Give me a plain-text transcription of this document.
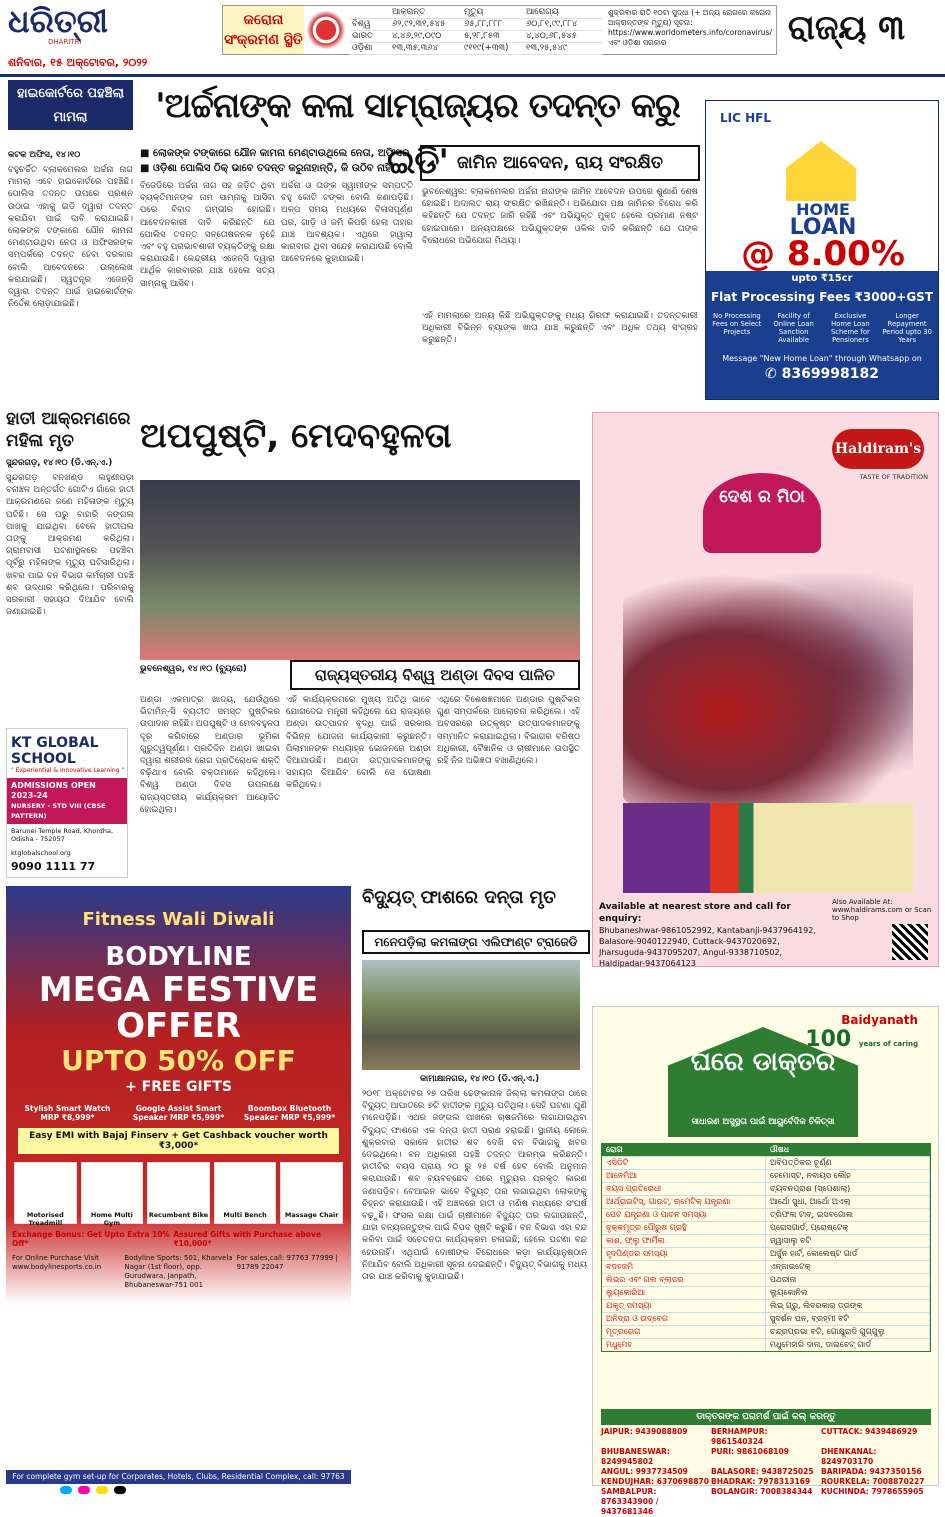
ଧରିତ୍ରୀ
DHARITRI
ଶନିବାର, ୧୫ ଅକ୍ଟୋବର, ୨୦୨୨
କରୋନା ସଂକ୍ରମଣ ସ୍ଥିତି
ଆକ୍ରାନ୍ତ	ମୃତ୍ୟୁ	ଆରୋଗ୍ୟ
ବିଶ୍ୱ	୬୨,୯୨,୩୧,୫୪୫	୬୫,୮୮,୮୮୮	୬୦,୮୧,୯୯,୮୮୪
ଭାରତ	୪,୪୬,୨୯,୦୯୦	୫,୨୮,୮୫୩	୪,୪୦,୬୮,୫୪୫
ଓଡ଼ିଶା	୧୩,୩୫,୩୬୪	୯୧୧୯(+୩୩)	୧୩,୨୫,୫୪୯
ଶୁକ୍ରବାର ରାତି ୧୦ଟା ସୁଦ୍ଧା (+ ଅନ୍ୟ ରୋଗରେ କରୋନା ଆକ୍ରାନ୍ତଙ୍କ ମୃତ୍ୟୁ) ସୂଚନା: https://www.worldometers.info/coronavirus/ ଏବଂ ଓଡ଼ିଶା ସରକାର	ରାଜ୍ୟ ୩
ହାଇକୋର୍ଟରେ ପହଞ୍ଚିଲା ମାମଲା	'ଅର୍ଚ୍ଚନାଙ୍କ କଳା ସାମ୍ରାଜ୍ୟର ତଦନ୍ତ କରୁ ଇଡି'
■ ଲୋକଙ୍କ ଟଙ୍କାରେ ଯୌନ କାମନା ମେଣ୍ଟାଉଥିଲେ ନେତା, ଅଫିସର
■ ଓଡ଼ିଶା ପୋଲିସ ଠିକ୍ ଭାବେ ତଦନ୍ତ କରୁନାହାନ୍ତି, କି ଉଠିବ ନାହିଁ
କଟକ ଅଫିସ, ୧୪।୧୦
ବହୁଚର୍ଚ୍ଚିତ ବ୍ଲାକମେଲର ଅର୍ଚ୍ଚନା ନାଗ ମାମଲା ଏବେ ହାଇକୋର୍ଟରେ ପହଞ୍ଚିଛି। ପୋଲିସ ତଦନ୍ତ ଉପରେ ପ୍ରଶ୍ନ ଉଠାଇ ଏହାକୁ ଇଡି ଦ୍ୱାରା ତଦନ୍ତ କରାଯିବା ପାଇଁ ଦାବି କରାଯାଇଛି। ଲୋକଙ୍କ ଟଙ୍କାରେ ଯୌନ କାମନା ମେଣ୍ଟାଉଥିବା ନେତା ଓ ଅଫିସରଙ୍କ ସମ୍ପର୍କରେ ତଦନ୍ତ ହେବା ଦରକାର ବୋଲି ଆବେଦନରେ ଉଲ୍ଲେଖ କରାଯାଇଛି। ସ୍ୱତନ୍ତ୍ର ଏଜେନ୍ସି ଦ୍ୱାରା ତଦନ୍ତ ପାଇଁ ହାଇକୋର୍ଟଙ୍କ ନିର୍ଦ୍ଦେଶ ଲୋଡ଼ାଯାଇଛି।
ବିଜେଡିରେ ଅର୍ଚ୍ଚନା ନାଗ ସହ ଜଡ଼ିତ ଥିବା ବ୍ୟକ୍ତିମାନଙ୍କ ନାମ ସାମ୍ନାକୁ ଆସିବା ପରେ ବିବାଦ ଗମ୍ଭୀର ହୋଇଛି। ଆବେଦନକାରୀ ଦାବି କରିଛନ୍ତି ଯେ ପୋଲିସ ତଦନ୍ତ ସନ୍ତୋଷଜନକ ନୁହେଁ ଏବଂ ବହୁ ପ୍ରଭାବଶାଳୀ ବ୍ୟକ୍ତିଙ୍କୁ ରକ୍ଷା କରାଯାଉଛି। କେନ୍ଦ୍ରୀୟ ଏଜେନ୍ସି ଦ୍ୱାରା ଆର୍ଥିକ କାରବାରର ଯାଞ୍ଚ ହେଲେ ସତ୍ୟ ସାମ୍ନାକୁ ଆସିବ।
ଅର୍ଚ୍ଚନା ଓ ତାଙ୍କ ସ୍ୱାମୀଙ୍କ ସମ୍ପତ୍ତି ବହୁ କୋଟି ଟଙ୍କା ବୋଲି ଜଣାପଡ଼ିଛି। ଅଳ୍ପ ସମୟ ମଧ୍ୟରେ ବିଳାସପୂର୍ଣ୍ଣ ଘର, ଗାଡ଼ି ଓ ଜମି କିପରି ହେଲା ତାହାର ଯାଞ୍ଚ ଆବଶ୍ୟକ। ଏଥିରେ ହାୱାଲା କାରବାର ଥିବା ସନ୍ଦେହ କରାଯାଉଛି ବୋଲି ଆବେଦନରେ କୁହାଯାଇଛି।
ଜାମିନ ଆବେଦନ, ରାୟ ସଂରକ୍ଷିତ
ଭୁବନେଶ୍ୱର: ବ୍ଲାକମେଲର ଅର୍ଚ୍ଚନା ନାଗଙ୍କ ଜାମିନ ଆବେଦନ ଉପରେ ଶୁଣାଣି ଶେଷ ହୋଇଛି। ଅଦାଲତ ରାୟ ସଂରକ୍ଷିତ ରଖିଛନ୍ତି। ଅଭିଯୋଗ ପକ୍ଷ ଜାମିନର ବିରୋଧ କରି କହିଛନ୍ତି ଯେ ତଦନ୍ତ ଜାରି ରହିଛି ଏବଂ ଅଭିଯୁକ୍ତ ମୁକ୍ତ ହେଲେ ପ୍ରମାଣ ନଷ୍ଟ ହୋଇପାରେ। ଅନ୍ୟପକ୍ଷରେ ଅଭିଯୁକ୍ତଙ୍କ ଓକିଲ ଦାବି କରିଛନ୍ତି ଯେ ତାଙ୍କ ବିରୋଧରେ ଅଭିଯୋଗ ମିଥ୍ୟା।
ଏହି ମାମଲାରେ ଅନ୍ୟ କିଛି ଅଭିଯୁକ୍ତଙ୍କୁ ମଧ୍ୟ ଗିରଫ କରାଯାଇଛି। ତଦନ୍ତକାରୀ ଅଧିକାରୀ ବିଭିନ୍ନ ବ୍ୟାଙ୍କ ଖାତା ଯାଞ୍ଚ କରୁଛନ୍ତି ଏବଂ ଅଧିକ ତଥ୍ୟ ସଂଗ୍ରହ କରୁଛନ୍ତି।
LIC HFL
HOME
LOAN
@ 8.00%
upto ₹15cr
Flat Processing Fees ₹3000+GST
No Processing Fees on Select Projects
Facility of Online Loan Sanction Available
Exclusive Home Loan Scheme for Pensioners
Longer Repayment Period upto 30 Years
Message "New Home Loan" through Whatsapp on
✆ 8369998182
ହାତୀ ଆକ୍ରମଣରେ ମହିଳା ମୃତ
ସୁନ୍ଦରଗଡ଼, ୧୪।୧୦ (ଡି.ଏନ୍.ଏ.)
ସୁନ୍ଦରଗଡ଼ ବନଖଣ୍ଡ ଲହୁଣୀପଡ଼ା ବନାଞ୍ଚଳ ଅନ୍ତର୍ଗତ ଗୋଟିଏ ଗାଁରେ ହାତୀ ଆକ୍ରମଣରେ ଜଣେ ମହିଳାଙ୍କ ମୃତ୍ୟୁ ଘଟିଛି। ସେ ଘରୁ ବାହାରି ଜଙ୍ଗଲ ପାଖକୁ ଯାଇଥିବା ବେଳେ ହାତୀପଲ ତାଙ୍କୁ ଆକ୍ରମଣ କରିଥିଲା। ଗ୍ରାମବାସୀ ଘଟଣାସ୍ଥଳରେ ପହଞ୍ଚିବା ପୂର୍ବରୁ ମହିଳାଙ୍କ ମୃତ୍ୟୁ ଘଟିସାରିଥିଲା। ଖବର ପାଇ ବନ ବିଭାଗ କର୍ମଚାରୀ ପହଞ୍ଚି ଶବ ଉଦ୍ଧାର କରିଥିଲେ। ପରିବାରକୁ ସରକାରୀ ସହାୟତା ଦିଆଯିବ ବୋଲି ଜଣାଯାଇଛି।
KT GLOBAL SCHOOL
" Experiential & Innovative Learning "
ADMISSIONS OPEN 2023-24
NURSERY - STD VIII (CBSE PATTERN)
Barunei Temple Road, Khordha, Odisha - 752057
ktglobalschool.org
9090 1111 77
ଅପପୁଷ୍ଟି, ମେଦବହୁଳତା
ଭୁବନେଶ୍ୱର, ୧୪।୧୦ (ବ୍ୟୁରୋ)	ରାଜ୍ୟସ୍ତରୀୟ ବିଶ୍ୱ ଅଣ୍ଡା ଦିବସ ପାଳିତ
ଅଣ୍ଡା ଏକମାତ୍ର ଖାଦ୍ୟ, ଯେଉଁଥିରେ ଭିଟାମିନ୍-ସି ବ୍ୟତୀତ ସମସ୍ତ ପୁଷ୍ଟିକର ଉପାଦାନ ରହିଛି। ଅପପୁଷ୍ଟି ଓ ମେଦବହୁଳତା ଦୂର କରିବାରେ ଅଣ୍ଡାର ଭୂମିକା ଗୁରୁତ୍ୱପୂର୍ଣ୍ଣ। ପ୍ରତିଦିନ ଅଣ୍ଡା ଖାଇବା ଦ୍ୱାରା ଶରୀରର ରୋଗ ପ୍ରତିରୋଧକ ଶକ୍ତି ବଢ଼ିଥାଏ ବୋଲି ବକ୍ତାମାନେ କହିଥିଲେ। ବିଶ୍ୱ ଅଣ୍ଡା ଦିବସ ଉପଲକ୍ଷେ ରାଜ୍ୟସ୍ତରୀୟ କାର୍ଯ୍ୟକ୍ରମ ଆୟୋଜିତ ହୋଇଥିଲା।
ଏହି କାର୍ଯ୍ୟକ୍ରମରେ ମୁଖ୍ୟ ଅତିଥି ଭାବେ ଯୋଗଦେଇ ମନ୍ତ୍ରୀ କହିଥିଲେ ଯେ ରାଜ୍ୟରେ ଅଣ୍ଡା ଉତ୍ପାଦନ ବୃଦ୍ଧି ପାଇଁ ସରକାର ବିଭିନ୍ନ ଯୋଜନା କାର୍ଯ୍ୟକାରୀ କରୁଛନ୍ତି। ପିଲାମାନଙ୍କ ମଧ୍ୟାହ୍ନ ଭୋଜନରେ ଅଣ୍ଡା ଦିଆଯାଉଛି। ଅଣ୍ଡା ଉତ୍ପାଦକମାନଙ୍କୁ ସହାୟତା ଦିଆଯିବ ବୋଲି ସେ ଘୋଷଣା କରିଥିଲେ।
ଏଥିରେ ବିଶେଷଜ୍ଞମାନେ ଅଣ୍ଡାର ପୁଷ୍ଟିକର ଗୁଣ ସମ୍ପର୍କରେ ଆଲୋଚନା କରିଥିଲେ। ଏହି ଅବସରରେ ଉତ୍କୃଷ୍ଟ ଉତ୍ପାଦକମାନଙ୍କୁ ସମ୍ମାନିତ କରାଯାଇଥିଲା। ବିଭାଗର ବରିଷ୍ଠ ଅଧିକାରୀ, ବୈଜ୍ଞାନିକ ଓ ଚାଷୀମାନେ ଉପସ୍ଥିତ ରହି ନିଜ ଅଭିଜ୍ଞତା ବଖାଣିଥିଲେ।
Haldiram's
TASTE OF TRADITION
ଦେଶ ର ମିଠା
Available at nearest store and call for enquiry:
Bhubaneshwar-9861052992, Kantabanji-9437964192, Balasore-9040122940, Cuttack-9437020692, Jharsuguda-9437095207, Angul-9338710502, Haldipadar-9437064123
Also Available At: www.haldirams.com or Scan to Shop
Fitness Wali Diwali
BODYLINE
MEGA FESTIVE OFFER
UPTO 50% OFF
+ FREE GIFTS
Stylish Smart Watch MRP ₹8,999*
Google Assist Smart Speaker MRP ₹5,999*
Boombox Bluetooth Speaker MRP ₹5,999*
Easy EMI with Bajaj Finserv + Get Cashback voucher worth ₹3,000*
Motorised Treadmill
Home Multi Gym
Recumbent Bike	Multi Bench	Massage Chair
Exchange Bonus: Get Upto Extra 10% Off*
Assured Gifts with Purchase above ₹10,000*
For Online Purchase Visit www.bodylinesports.co.in
Bodyline Sports: 501, Kharvela Nagar (1st floor), opp. Gurudwara, Janpath, Bhubaneswar-751 001
For sales,call: 97763 77999 | 91789 22047
For complete gym set-up for Corporates, Hotels, Clubs, Residential Complex, call: 97763 77999
ବିଦ୍ୟୁତ୍ ଫାଶରେ ଦନ୍ତା ମୃତ
ମନେପଡ଼ିଲା କମଳାଙ୍ଗ ଏଲିଫାଣ୍ଟ ଟ୍ରାଜେଡି
କାମାକ୍ଷାନଗର, ୧୪।୧୦ (ଡି.ଏନ୍.ଏ.)
୨୦୧୮ ଅକ୍ଟୋବର ୨୭ ତାରିଖ ଢେଙ୍କାନାଳ ଜିଲ୍ଲା କମଳାଙ୍ଗ ଠାରେ ବିଦ୍ୟୁତ୍ ଆଘାତରେ ୭ଟି ହାତୀଙ୍କ ମୃତ୍ୟୁ ଘଟିଥିଲା। ସେହି ଘଟଣା ପୁଣି ମନେପଡ଼ିଛି। ଏଥର ଜଙ୍ଗଲ ପାଖରେ ଚାଷଜମିରେ ଲଗାଯାଇଥିବା ବିଦ୍ୟୁତ୍ ଫାଶରେ ଏକ ଦନ୍ତା ହାତୀ ପ୍ରାଣ ହରାଇଛି। ସ୍ଥାନୀୟ ଲୋକେ ଶୁକ୍ରବାର ସକାଳେ ହାତୀର ଶବ ଦେଖି ବନ ବିଭାଗକୁ ଖବର ଦେଇଥିଲେ। ବନ ଅଧିକାରୀ ପହଞ୍ଚି ତଦନ୍ତ ଆରମ୍ଭ କରିଛନ୍ତି। ହାତୀଟିର ବୟସ ପ୍ରାୟ ୨୦ ରୁ ୨୫ ବର୍ଷ ହେବ ବୋଲି ଅନୁମାନ କରାଯାଉଛି। ଶବ ବ୍ୟବଚ୍ଛେଦ ପରେ ମୃତ୍ୟୁର ପ୍ରକୃତ କାରଣ ଜଣାପଡ଼ିବ। ବେଆଇନ ଭାବେ ବିଦ୍ୟୁତ୍ ତାର ଲଗାଇଥିବା ଲୋକଙ୍କୁ ଚିହ୍ନଟ କରାଯାଉଛି। ଏହି ଅଞ୍ଚଳରେ ହାତୀ ଓ ମଣିଷ ମଧ୍ୟରେ ସଂଘର୍ଷ ବଢ଼ୁଛି। ଫସଲ ରକ୍ଷା ପାଇଁ ଚାଷୀମାନେ ବିଦ୍ୟୁତ୍ ତାର ଲଗାଉଛନ୍ତି, ଯାହା ବନ୍ୟଜନ୍ତୁଙ୍କ ପାଇଁ ବିପଦ ସୃଷ୍ଟି କରୁଛି। ବନ ବିଭାଗ ଏହା ବନ୍ଦ କରିବା ପାଇଁ ସଚେତନତା କାର୍ଯ୍ୟକ୍ରମ ଚଳାଇଛି, ହେଲେ ଘଟଣା ବନ୍ଦ ହେଉନାହିଁ। ଏଥିପାଇଁ ଦୋଷୀଙ୍କ ବିରୋଧରେ କଡ଼ା କାର୍ଯ୍ୟାନୁଷ୍ଠାନ ନିଆଯିବ ବୋଲି ଅଧିକାରୀ ସୂଚନା ଦେଇଛନ୍ତି। ବିଦ୍ୟୁତ୍ ବିଭାଗକୁ ମଧ୍ୟ ତାର ଯାଞ୍ଚ କରିବାକୁ କୁହାଯାଇଛି।
Baidyanath
100 years of caring
ଘରେ ଡାକ୍ତର
ସାଧାରଣ ଅସୁସ୍ଥତା ପାଇଁ ଆୟୁର୍ବେଦିକ ଚିକିତ୍ସା
ରୋଗ	ଔଷଧ
ଏସିଡିଟି	ଅବିପତ୍ତିକର ଚୂର୍ଣ୍ଣ
ଆନେମିଆ	ହେମୋସ୍ଟ, ନବାୟସ ଲୌହ
ବୟସ ପ୍ରତିରୋଧୀ	ଚ୍ୟବନପ୍ରାଶ (ସ୍ପେଶାଲ୍)
ଆର୍ଥ୍ରାଇଟିସ୍, ଗାଉଟ୍, ଋମେଟିକ୍ ଯନ୍ତ୍ରଣା	ଆର୍ଥୋ ସୁଧା, ଆର୍ଥୋ ଅଏଲ୍
ପେଟ ଯନ୍ତ୍ରଣା ଓ ପାଚନ ସମସ୍ୟା	ତ୍ରିଫଳା ଟାବ୍, ଇସବଗୋଲ
ବୃକ୍କମୂତ୍ର ପୌରୁଷ ଗ୍ରନ୍ଥି	ପ୍ରୋସଗାର୍ଡ, ପ୍ରୋଷ୍ଟେକ୍
କାଶ, ଫ୍ଲୁ ଫାର୍ମିଲା	ଜ୍ୱାସାଲୁ ବଟି
ହୃଦପିଣ୍ଡର ସମସ୍ୟା	ଅର୍ଜୁନ ହାର୍ଟ, କୋଲେଷ୍ଟ ଗାର୍ଡ
ବଦହଜମି	ଏନ୍ଜାଇଟେକ୍
ଲିଭର ଏବଂ ଗଲ ବ୍ଲାଡର	ପଥରୀନା
ଲ୍ୟୁକୋରିଆ	ଲ୍ୟୁକୋନିଲ
ଯକୃତ୍ ସମସ୍ୟା	ଲିଭ୍ ଗ୍ରୁ, ଲିବରକାର୍ ଡ୍ରଙ୍କ
ଅନିଦ୍ରା ଓ ଉଦ୍‌ବେଗ	ସୁଦର୍ଶନ ଘନ, ବ୍ରହ୍ମୀ ବଟି
ମୂତ୍ରରୋଗ	ଚନ୍ଦ୍ରପ୍ରଭା ବଟି, ଗୋକ୍ଷୁରାଦି ଗୁଗ୍ଗୁଲୁ
ମଧୁମେହ	ମଧୁମେହାରି ଦାନା, ଡାଇବେଟ୍ ଗାର୍ଡ
ଡାକ୍ତରଙ୍କ ପରାମର୍ଶ ପାଇଁ କଲ୍ କରନ୍ତୁ
JAIPUR: 9439088809	BERHAMPUR: 9861540324
CUTTACK: 9439486929
BHUBANESWAR: 8249945802
PURI: 9861068109	DHENKANAL: 8249703170
ANGUL: 9937734509	BALASORE: 9438725025 BARIPADA: 9437350156
KENDUJHAR: 6370698870 BHADRAK: 7978313169	ROURKELA: 7008870227
SAMBALPUR: 8763343900 / 9437681346
BOLANGIR: 7008384344	KUCHINDA: 7978655905
